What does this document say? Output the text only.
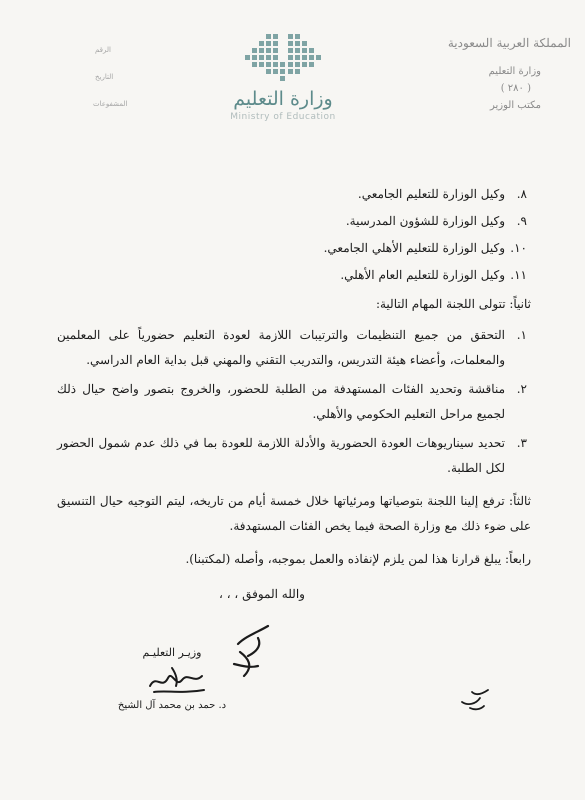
المملكة العربية السعودية
وزارة التعليم
( ٢٨٠ )
مكتب الوزير
الرقم
التاريخ
المشفوعات	وزارة التعليم
Ministry of Education
٨.
وكيل الوزارة للتعليم الجامعي.
٩.
وكيل الوزارة للشؤون المدرسية.
١٠.
وكيل الوزارة للتعليم الأهلي الجامعي.
١١.
وكيل الوزارة للتعليم العام الأهلي.
ثانياً: تتولى اللجنة المهام التالية:
١.
التحقق من جميع التنظيمات والترتيبات اللازمة لعودة التعليم حضورياً على المعلمين والمعلمات، وأعضاء هيئة التدريس، والتدريب التقني والمهني قبل بداية العام الدراسي.
٢.
مناقشة وتحديد الفئات المستهدفة من الطلبة للحضور، والخروج بتصور واضح حيال ذلك لجميع مراحل التعليم الحكومي والأهلي.
٣.
تحديد سيناريوهات العودة الحضورية والأدلة اللازمة للعودة بما في ذلك عدم شمول الحضور لكل الطلبة.
ثالثاً: ترفع إلينا اللجنة بتوصياتها ومرئياتها خلال خمسة أيام من تاريخه، ليتم التوجيه حيال التنسيق على ضوء ذلك مع وزارة الصحة فيما يخص الفئات المستهدفة.
رابعاً: يبلغ قرارنا هذا لمن يلزم لإنفاذه والعمل بموجبه، وأصله (لمكتبنا).
والله الموفق ، ، ،
وزيـر التعليـم
د. حمد بن محمد آل الشيخ
